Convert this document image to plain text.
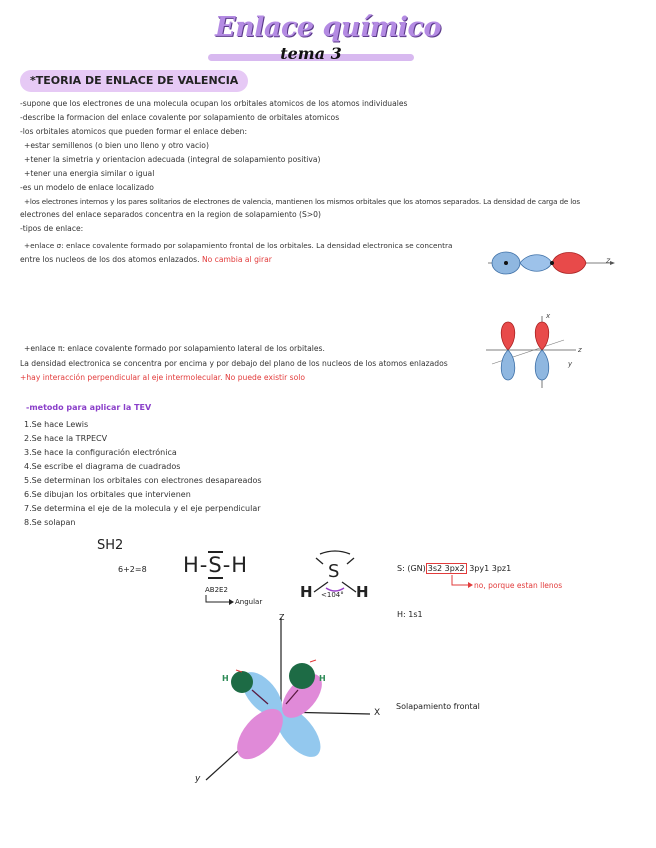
Enlace químico
tema 3
*TEORIA DE ENLACE DE VALENCIA
-supone que los electrones de una molecula ocupan los orbitales atomicos de los atomos individuales
-describe la formacion del enlace covalente por solapamiento de orbitales atomicos
-los orbitales atomicos que pueden formar el enlace deben:
+estar semillenos (o bien uno lleno y otro vacio)
+tener la simetria y orientacion adecuada (integral de solapamiento positiva)
+tener una energia similar o igual
-es un modelo de enlace localizado
+los electrones internos y los pares solitarios de electrones de valencia, mantienen los mismos orbitales que los atomos separados. La densidad de carga de los
electrones del enlace separados concentra en la region de solapamiento (S>0)
-tipos de enlace:
+enlace σ: enlace covalente formado por solapamiento frontal de los orbitales. La densidad electronica se concentra
entre los nucleos de los dos atomos enlazados. No cambia al girar	z
+enlace π: enlace covalente formado por solapamiento lateral de los orbitales.
La densidad electronica se concentra por encima y por debajo del plano de los nucleos de los atomos enlazados
+hay interacción perpendicular al eje intermolecular. No puede existir solo
x
z
y
-metodo para aplicar la TEV
1.Se hace Lewis
2.Se hace la TRPECV
3.Se hace la configuración electrónica
4.Se escribe el diagrama de cuadrados
5.Se determinan los orbitales con electrones desapareados
6.Se dibujan los orbitales que intervienen
7.Se determina el eje de la molecula y el eje perpendicular
8.Se solapan
SH2
6+2=8 H-S-H
AB2E2
Angular
S
H	H
<104°
S: (GN) 3s2 3px2 3py1 3pz1
no, porque estan llenos
H: 1s1
Z
X
y
H	H
Solapamiento frontal
